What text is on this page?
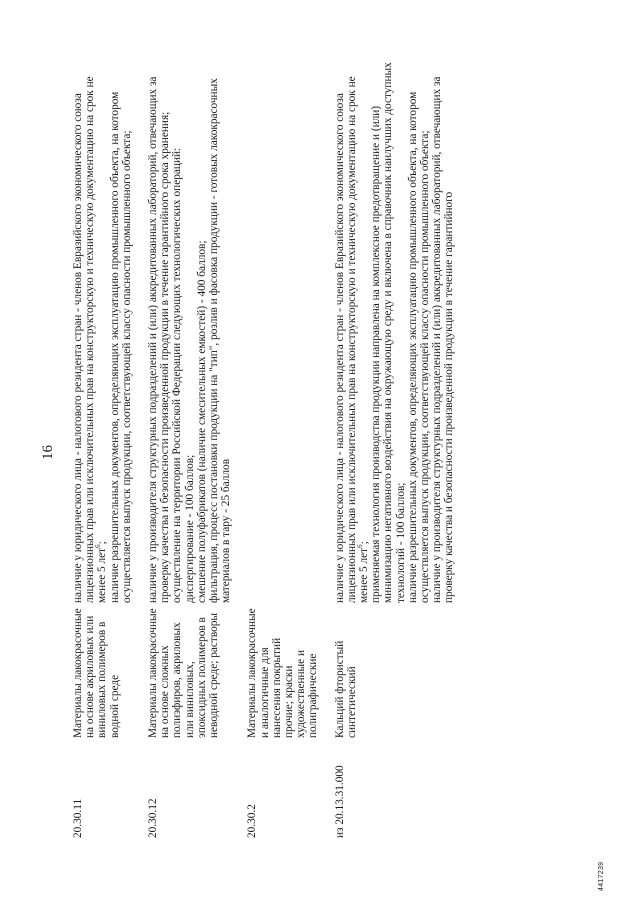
16
20.30.11	Материалы лакокрасочные на основе акриловых или виниловых полимеров в водной среде	наличие у юридического лица - налогового резидента стран - членов Евразийского экономического союза лицензионных прав или исключительных прав на конструкторскую и техническую документацию на срок не менее 5 лет$^6$; наличие разрешительных документов, определяющих эксплуатацию промышленного объекта, на котором осуществляется выпуск продукции, соответствующей классу опасности промышленного объекта;

20.30.12	Материалы лакокрасочные на основе сложных полиэфиров, акриловых или виниловых, эпоксидных полимеров в неводной среде; растворы	наличие у производителя структурных подразделений и (или) аккредитованных лабораторий, отвечающих за проверку качества и безопасности произведенной продукции в течение гарантийного срока хранения; осуществление на территории Российской Федерации следующих технологических операций: диспергирование - 100 баллов; смешение полуфабрикатов (наличие смесительных емкостей) - 400 баллов; фильтрация, процесс постановки продукции на "тип", розлив и фасовка продукции - готовых лакокрасочных материалов в тару - 25 баллов

20.30.2	Материалы лакокрасочные и аналогичные для нанесения покрытий прочие; краски художественные и полиграфические	
из 20.13.31.000	Кальций фтористый синтетический	наличие у юридического лица - налогового резидента стран - членов Евразийского экономического союза лицензионных прав или исключительных прав на конструкторскую и техническую документацию на срок не менее 5 лет$^6$; применяемая технология производства продукции направлена на комплексное предотвращение и (или) минимизацию негативного воздействия на окружающую среду и включена в справочник наилучших доступных технологий - 100 баллов; наличие разрешительных документов, определяющих эксплуатацию промышленного объекта, на котором осуществляется выпуск продукции, соответствующей классу опасности промышленного объекта; наличие у производителя структурных подразделений и (или) аккредитованных лабораторий, отвечающих за проверку качества и безопасности произведенной продукции в течение гарантийного
4417239
